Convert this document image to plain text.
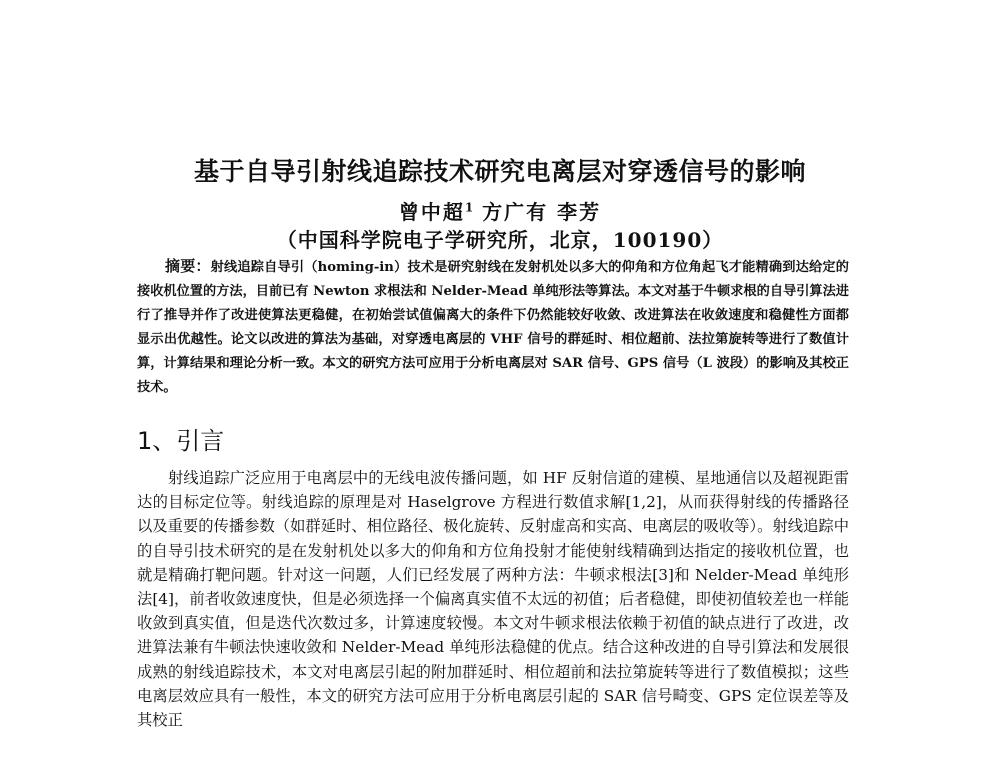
基于自导引射线追踪技术研究电离层对穿透信号的影响
曾中超$^1$ 方广有 李芳
（中国科学院电子学研究所，北京，100190）

摘要：射线追踪自导引（homing-in）技术是研究射线在发射机处以多大的仰角和方位角起飞才能精确到达给定的接收机位置的方法，目前已有 Newton 求根法和 Nelder-Mead 单纯形法等算法。本文对基于牛顿求根的自导引算法进行了推导并作了改进使算法更稳健，在初始尝试值偏离大的条件下仍然能较好收敛、改进算法在收敛速度和稳健性方面都显示出优越性。论文以改进的算法为基础，对穿透电离层的 VHF 信号的群延时、相位超前、法拉第旋转等进行了数值计算，计算结果和理论分析一致。本文的研究方法可应用于分析电离层对 SAR 信号、GPS 信号（L 波段）的影响及其校正技术。

1、引言

射线追踪广泛应用于电离层中的无线电波传播问题，如 HF 反射信道的建模、星地通信以及超视距雷达的目标定位等。射线追踪的原理是对 Haselgrove 方程进行数值求解[1,2]，从而获得射线的传播路径以及重要的传播参数（如群延时、相位路径、极化旋转、反射虚高和实高、电离层的吸收等）。射线追踪中的自导引技术研究的是在发射机处以多大的仰角和方位角投射才能使射线精确到达指定的接收机位置，也就是精确打靶问题。针对这一问题，人们已经发展了两种方法：牛顿求根法[3]和 Nelder-Mead 单纯形法[4]，前者收敛速度快，但是必须选择一个偏离真实值不太远的初值；后者稳健，即使初值较差也一样能收敛到真实值，但是迭代次数过多，计算速度较慢。本文对牛顿求根法依赖于初值的缺点进行了改进，改进算法兼有牛顿法快速收敛和 Nelder-Mead 单纯形法稳健的优点。结合这种改进的自导引算法和发展很成熟的射线追踪技术，本文对电离层引起的附加群延时、相位超前和法拉第旋转等进行了数值模拟；这些电离层效应具有一般性，本文的研究方法可应用于分析电离层引起的 SAR 信号畸变、GPS 定位误差等及其校正
